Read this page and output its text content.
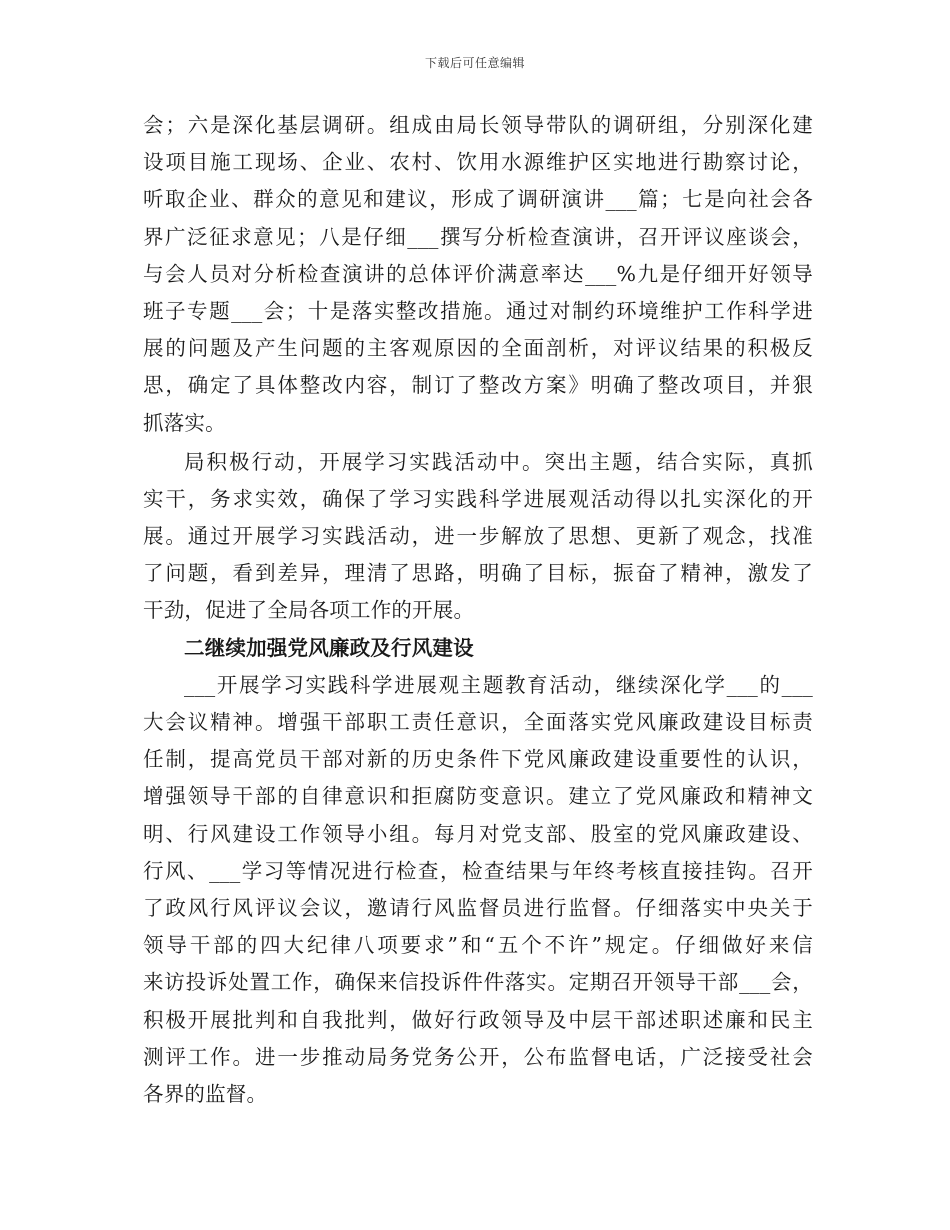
下载后可任意编辑
会；六是深化基层调研。组成由局长领导带队的调研组，分别深化建
设项目施工现场、企业、农村、饮用水源维护区实地进行勘察讨论，
听取企业、群众的意见和建议，形成了调研演讲___篇；七是向社会各
界广泛征求意见；八是仔细___撰写分析检查演讲，召开评议座谈会，
与会人员对分析检查演讲的总体评价满意率达___%九是仔细开好领导
班子专题___会；十是落实整改措施。通过对制约环境维护工作科学进
展的问题及产生问题的主客观原因的全面剖析，对评议结果的积极反
思，确定了具体整改内容，制订了整改方案》明确了整改项目，并狠
抓落实。
局积极行动，开展学习实践活动中。突出主题，结合实际，真抓
实干，务求实效，确保了学习实践科学进展观活动得以扎实深化的开
展。通过开展学习实践活动，进一步解放了思想、更新了观念，找准
了问题，看到差异，理清了思路，明确了目标，振奋了精神，激发了
干劲，促进了全局各项工作的开展。
二继续加强党风廉政及行风建设
___开展学习实践科学进展观主题教育活动，继续深化学___的___
大会议精神。增强干部职工责任意识，全面落实党风廉政建设目标责
任制，提高党员干部对新的历史条件下党风廉政建设重要性的认识，
增强领导干部的自律意识和拒腐防变意识。建立了党风廉政和精神文
明、行风建设工作领导小组。每月对党支部、股室的党风廉政建设、
行风、___学习等情况进行检查，检查结果与年终考核直接挂钩。召开
了政风行风评议会议，邀请行风监督员进行监督。仔细落实中央关于
领导干部的四大纪律八项要求”和“五个不许”规定。仔细做好来信
来访投诉处置工作，确保来信投诉件件落实。定期召开领导干部___会，
积极开展批判和自我批判，做好行政领导及中层干部述职述廉和民主
测评工作。进一步推动局务党务公开，公布监督电话，广泛接受社会
各界的监督。
